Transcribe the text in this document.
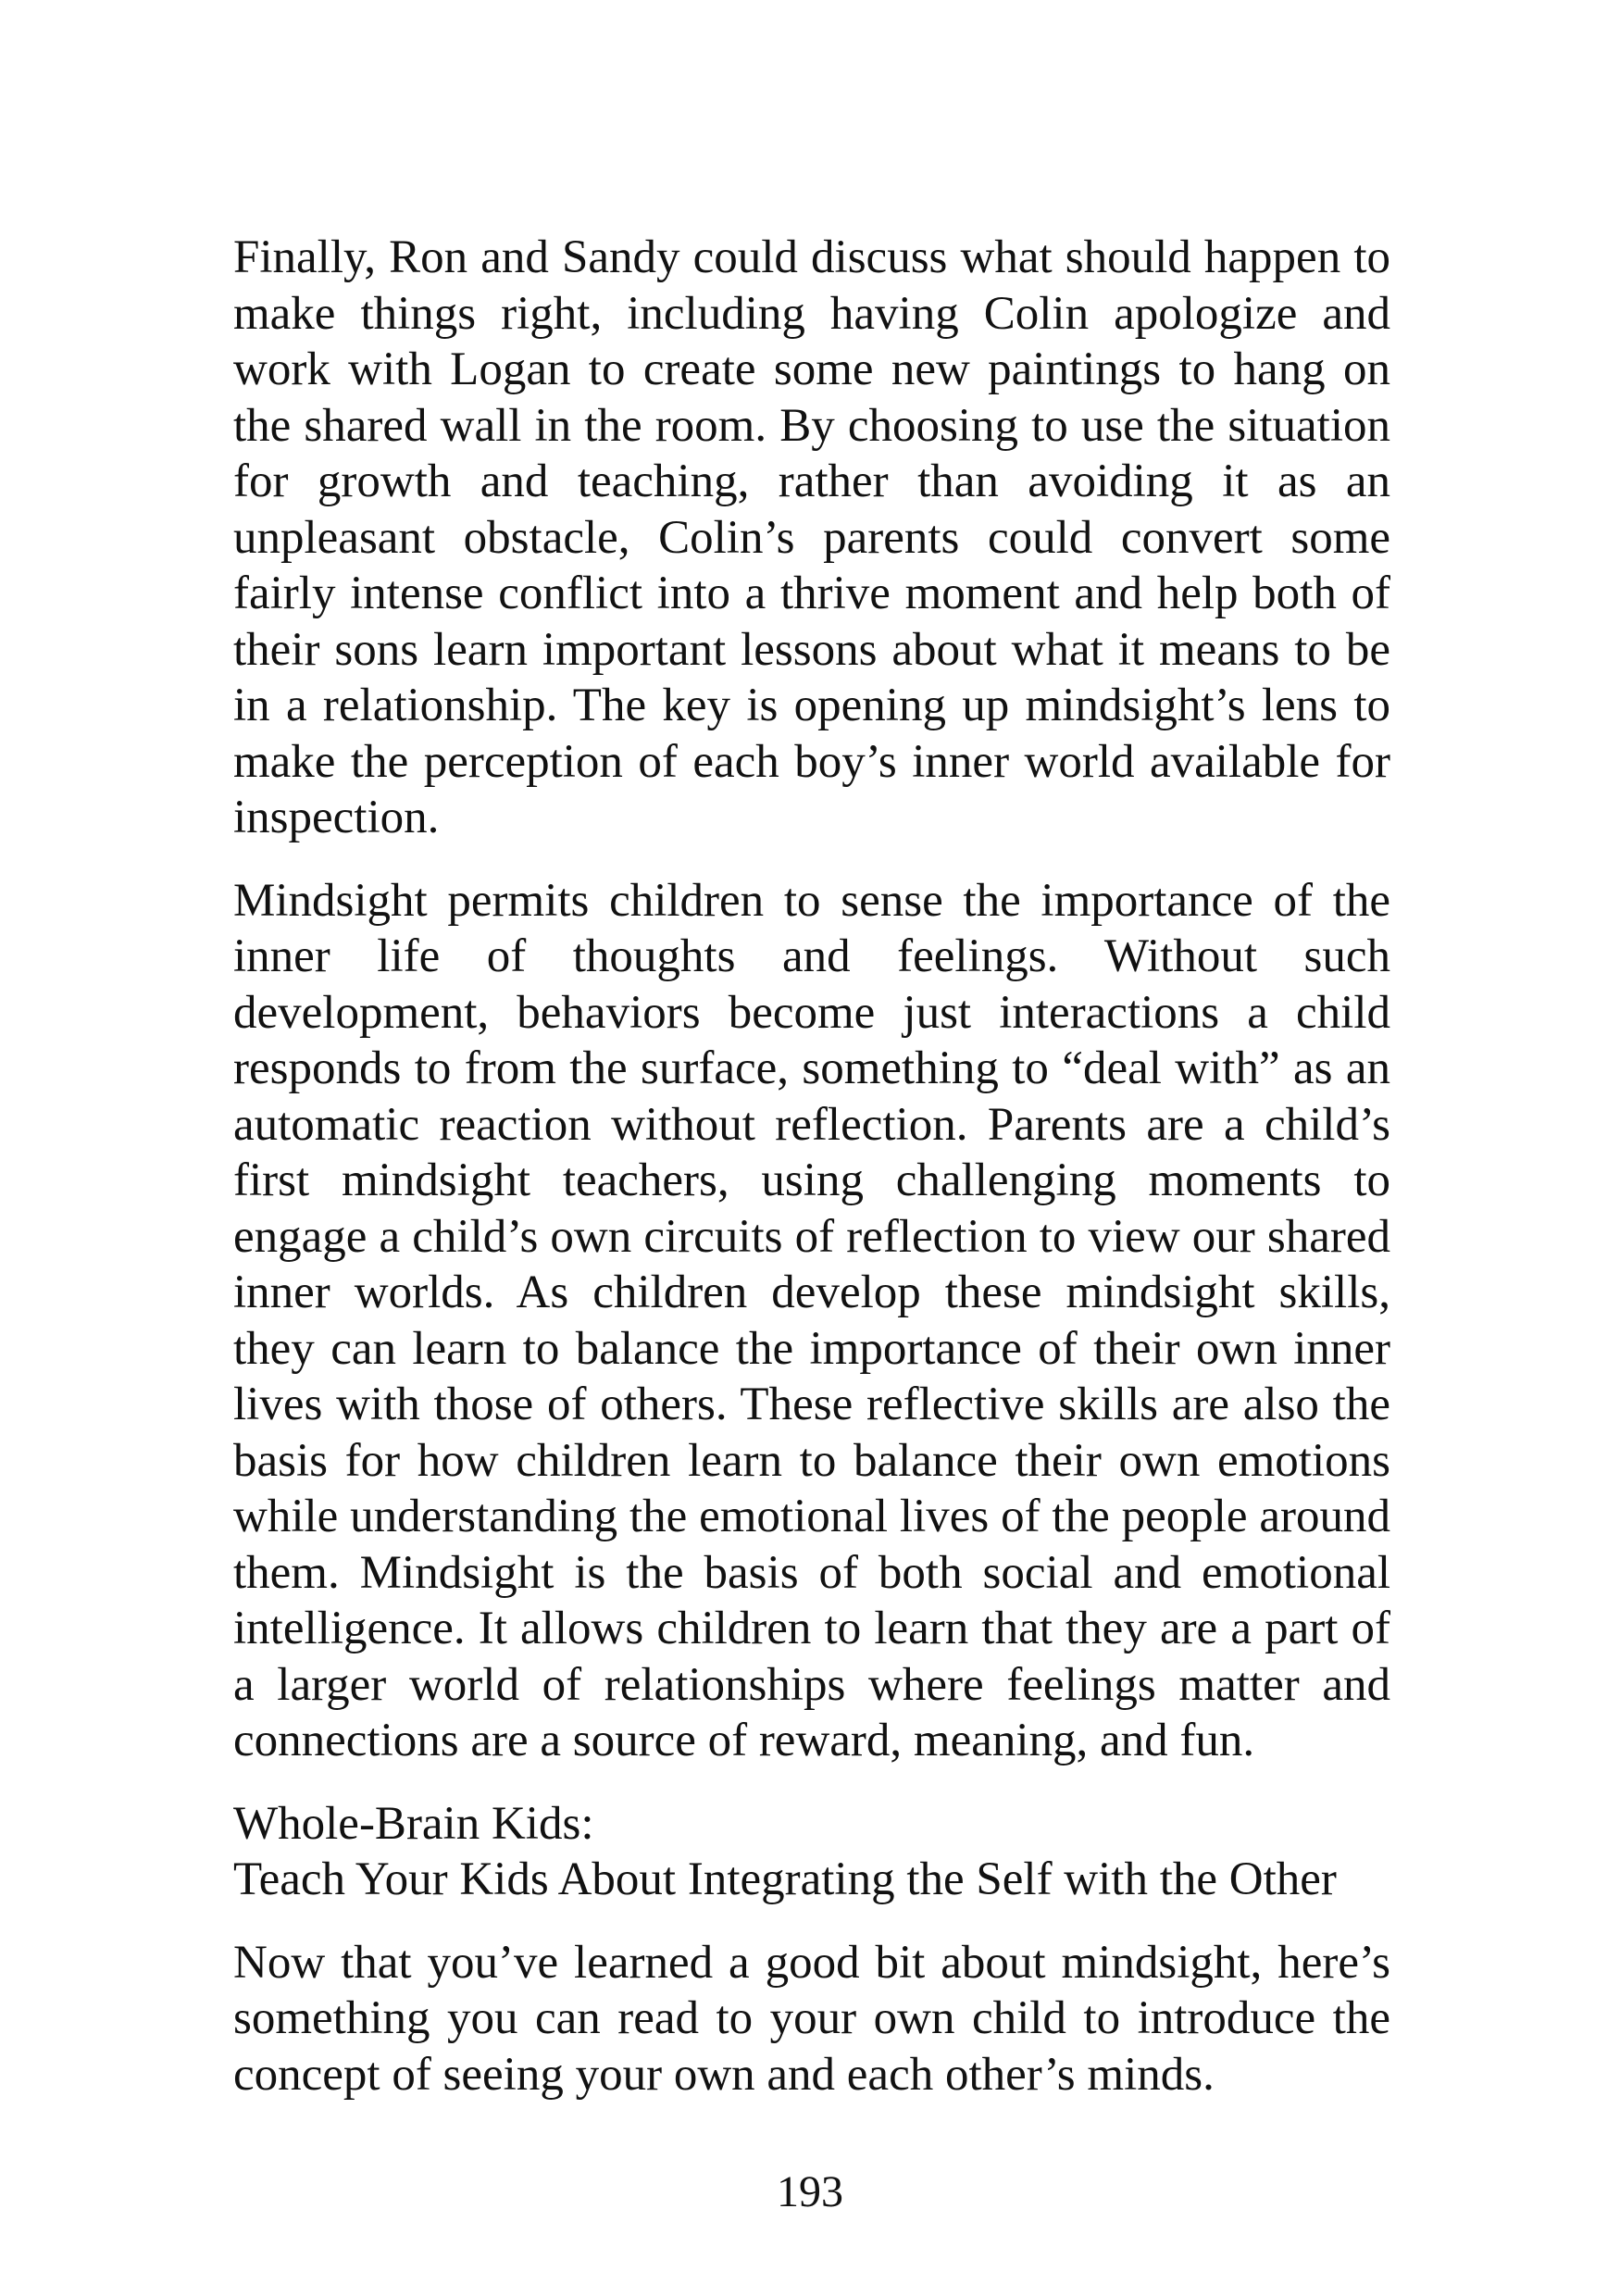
Finally, Ron and Sandy could discuss what should happen to make things right, including having Colin apologize and work with Logan to create some new paintings to hang on the shared wall in the room. By choosing to use the situation for growth and teaching, rather than avoiding it as an unpleasant obstacle, Colin’s parents could convert some fairly intense conflict into a thrive moment and help both of their sons learn important lessons about what it means to be in a relationship. The key is opening up mindsight’s lens to make the perception of each boy’s inner world available for inspection.

Mindsight permits children to sense the importance of the inner life of thoughts and feelings. Without such development, behaviors become just interactions a child responds to from the surface, something to “deal with” as an automatic reaction without reflection. Parents are a child’s first mindsight teachers, using challenging moments to engage a child’s own circuits of reflection to view our shared inner worlds. As children develop these mindsight skills, they can learn to balance the importance of their own inner lives with those of others. These reflective skills are also the basis for how children learn to balance their own emotions while understanding the emotional lives of the people around them. Mindsight is the basis of both social and emotional intelligence. It allows children to learn that they are a part of a larger world of relationships where feelings matter and connections are a source of reward, meaning, and fun.

Whole-Brain Kids:
Teach Your Kids About Integrating the Self with the Other

Now that you’ve learned a good bit about mindsight, here’s something you can read to your own child to introduce the concept of seeing your own and each other’s minds.

193
